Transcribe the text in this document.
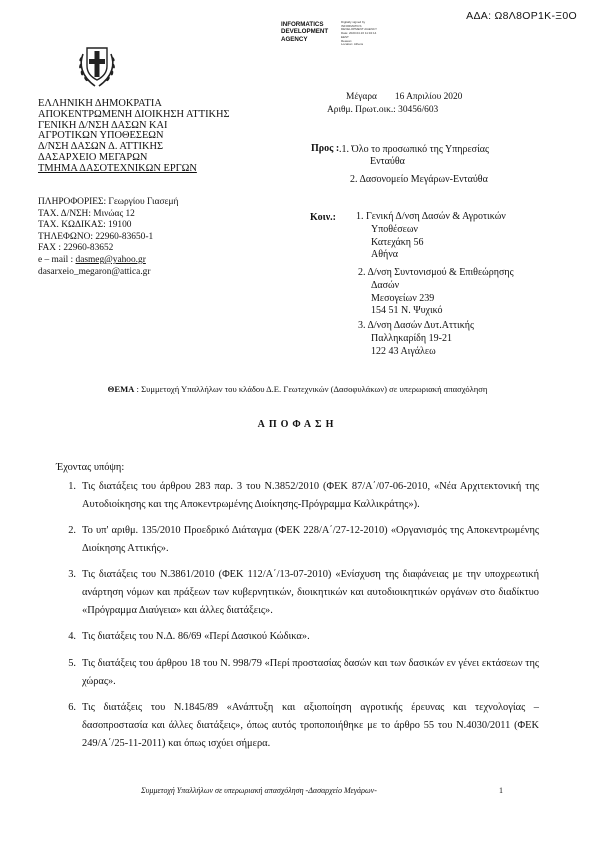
ΑΔΑ: Ω8Λ8ΟΡ1Κ-Ξ0Ο
INFORMATICS
DEVELOPMENT
AGENCY
Digitally signed by
INFORMATICS
DEVELOPMENT AGENCY
Date: 2020.04.16 11:32:14
EEST
Reason:
Location: Athens
ΕΛΛΗΝΙΚΗ ΔΗΜΟΚΡΑΤΙΑ
ΑΠΟΚΕΝΤΡΩΜΕΝΗ ΔΙΟΙΚΗΣΗ ΑΤΤΙΚΗΣ
ΓΕΝΙΚΗ Δ/ΝΣΗ ΔΑΣΩΝ ΚΑΙ
ΑΓΡΟΤΙΚΩΝ ΥΠΟΘΕΣΕΩΝ
Δ/ΝΣΗ ΔΑΣΩΝ Δ. ΑΤΤΙΚΗΣ
ΔΑΣΑΡΧΕΙΟ ΜΕΓΑΡΩΝ
ΤΜΗΜΑ ΔΑΣΟΤΕΧΝΙΚΩΝ ΕΡΓΩΝ
ΠΛΗΡΟΦΟΡΙΕΣ: Γεωργίου Γιασεμή
ΤΑΧ. Δ/ΝΣΗ: Μινώας 12
ΤΑΧ. ΚΩΔΙΚΑΣ: 19100
ΤΗΛΕΦΩΝΟ: 22960-83650-1
FAX : 22960-83652
e – mail : dasmeg@yahoo.gr
dasarxeio_megaron@attica.gr
Μέγαρα 16 Απριλίου 2020
Αριθμ. Πρωτ.οικ.: 30456/603
Προς : .1. Όλο το προσωπικό της Υπηρεσίας
Ενταύθα
2. Δασονομείο Μεγάρων-Ενταύθα
Κοιν.: 1. Γενική Δ/νση Δασών & Αγροτικών
Υποθέσεων
Κατεχάκη 56
Αθήνα
2. Δ/νση Συντονισμού & Επιθεώρησης
Δασών
Μεσογείων 239
154 51 Ν. Ψυχικό
3. Δ/νση Δασών Δυτ.Αττικής
Παλληκαρίδη 19-21
122 43 Αιγάλεω
ΘΕΜΑ : Συμμετοχή Υπαλλήλων του κλάδου Δ.Ε. Γεωτεχνικών (Δασοφυλάκων) σε υπερωριακή απασχόληση
ΑΠΟΦΑΣΗ
Έχοντας υπόψη:
1. Τις διατάξεις του άρθρου 283 παρ. 3 του Ν.3852/2010 (ΦΕΚ 87/Α΄/07-06-2010, «Νέα Αρχιτεκτονική της Αυτοδιοίκησης και της Αποκεντρωμένης Διοίκησης-Πρόγραμμα Καλλικράτης»).
2. Το υπ' αριθμ. 135/2010 Προεδρικό Διάταγμα (ΦΕΚ 228/Α΄/27-12-2010) «Οργανισμός της Αποκεντρωμένης Διοίκησης Αττικής».
3. Τις διατάξεις του Ν.3861/2010 (ΦΕΚ 112/Α΄/13-07-2010) «Ενίσχυση της διαφάνειας με την υποχρεωτική ανάρτηση νόμων και πράξεων των κυβερνητικών, διοικητικών και αυτοδιοικητικών οργάνων στο διαδίκτυο «Πρόγραμμα Διαύγεια» και άλλες διατάξεις».
4. Τις διατάξεις του Ν.Δ. 86/69 «Περί Δασικού Κώδικα».
5. Τις διατάξεις του άρθρου 18 του Ν. 998/79 «Περί προστασίας δασών και των δασικών εν γένει εκτάσεων της χώρας».
6. Τις διατάξεις του Ν.1845/89 «Ανάπτυξη και αξιοποίηση αγροτικής έρευνας και τεχνολογίας – δασοπροστασία και άλλες διατάξεις», όπως αυτός τροποποιήθηκε με το άρθρο 55 του Ν.4030/2011 (ΦΕΚ 249/Α΄/25-11-2011) και όπως ισχύει σήμερα.
Συμμετοχή Υπαλλήλων σε υπερωριακή απασχόληση -Δασαρχείο Μεγάρων-	1
